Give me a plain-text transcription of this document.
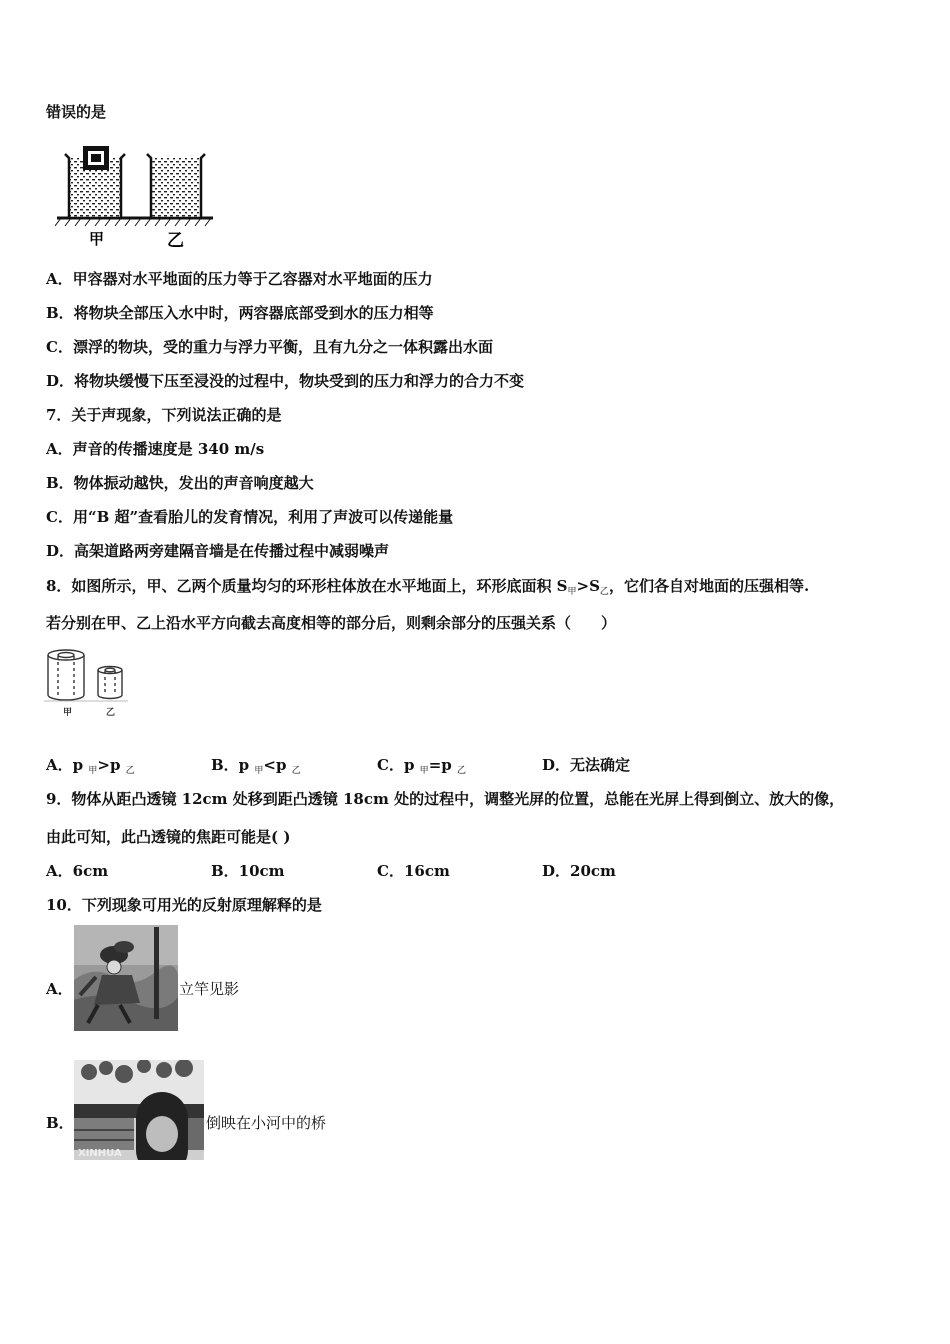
错误的是
甲	乙
A．甲容器对水平地面的压力等于乙容器对水平地面的压力
B．将物块全部压入水中时，两容器底部受到水的压力相等
C．漂浮的物块，受的重力与浮力平衡，且有九分之一体积露出水面
D．将物块缓慢下压至浸没的过程中，物块受到的压力和浮力的合力不变
7．关于声现象，下列说法正确的是
A．声音的传播速度是 340 m/s
B．物体振动越快，发出的声音响度越大
C．用“B 超”查看胎儿的发育情况，利用了声波可以传递能量
D．高架道路两旁建隔音墙是在传播过程中减弱噪声
8．如图所示，甲、乙两个质量均匀的环形柱体放在水平地面上，环形底面积 $S_甲>S_乙$，它们各自对地面的压强相等.
若分别在甲、乙上沿水平方向截去高度相等的部分后，则剩余部分的压强关系（　　）
甲	乙
A．p $_甲$>p $_乙$	B．p $_甲$<p $_乙$	C．p $_甲$=p $_乙$	D．无法确定
9．物体从距凸透镜 12cm 处移到距凸透镜 18cm 处的过程中，调整光屏的位置，总能在光屏上得到倒立、放大的像，
由此可知，此凸透镜的焦距可能是( )
A．6cm	B．10cm	C．16cm	D．20cm
10．下列现象可用光的反射原理解释的是
A．	立竿见影
B．
XINHUA
倒映在小河中的桥
